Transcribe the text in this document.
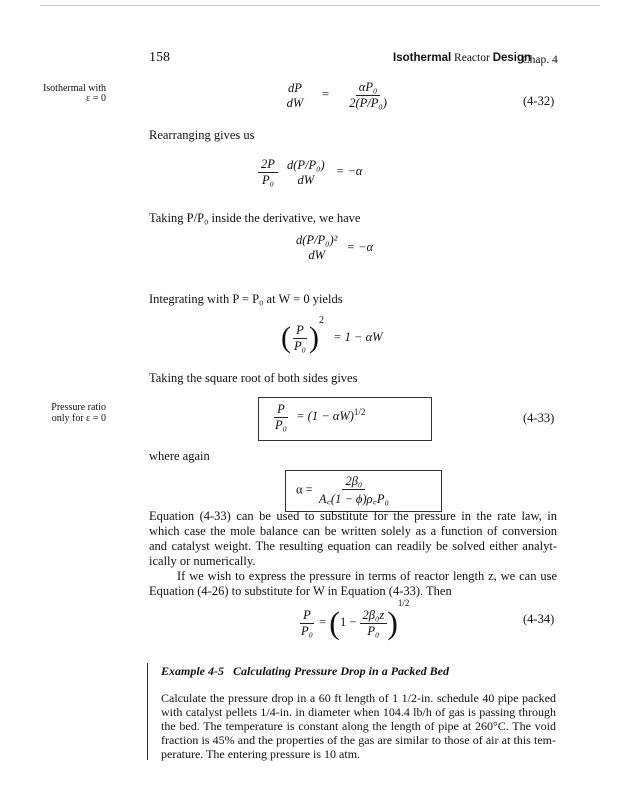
158	Isothermal Reactor Design
Chap. 4
Isothermal with
ε = 0
dP
dW
= $\frac{\text{αP₀}}{\text{2(P/P₀)}}$	(4-32)
Rearranging gives us
$\frac{2P}{\text{P₀}}$
d(P/P₀)
dW
= −α
Taking P/P₀ inside the derivative, we have
d(P/P₀)²
dW
= −α
Integrating with P = P₀ at W = 0 yields
( $\frac{P}{\text{P₀}} )^2 = 1 - \alpha W$
Taking the square root of both sides gives
Pressure ratio
only for ε = 0	$\frac{P}{\text{P₀}} = (1 - \alpha W)^{1/2}$	(4-33)
where again
$\alpha = \frac{\text{2β₀}}{\text{A꜀(1 − ϕ)ρ꜀P₀}}$
Equation (4-33) can be used to substitute for the pressure in the rate law, in
which case the mole balance can be written solely as a function of conversion
and catalyst weight. The resulting equation can readily be solved either analyt-
ically or numerically.
If we wish to express the pressure in terms of reactor length z, we can use
Equation (4-26) to substitute for W in Equation (4-33). Then
$\frac{P}{\text{P₀}} = (1 - \frac{\text{2β₀z}}{\text{P₀}} )^{1/2}$
(4-34)
Example 4-5   Calculating Pressure Drop in a Packed Bed
Calculate the pressure drop in a 60 ft length of 1 1/2-in. schedule 40 pipe packed
with catalyst pellets 1/4-in. in diameter when 104.4 lb/h of gas is passing through
the bed. The temperature is constant along the length of pipe at 260°C. The void
fraction is 45% and the properties of the gas are similar to those of air at this tem-
perature. The entering pressure is 10 atm.
